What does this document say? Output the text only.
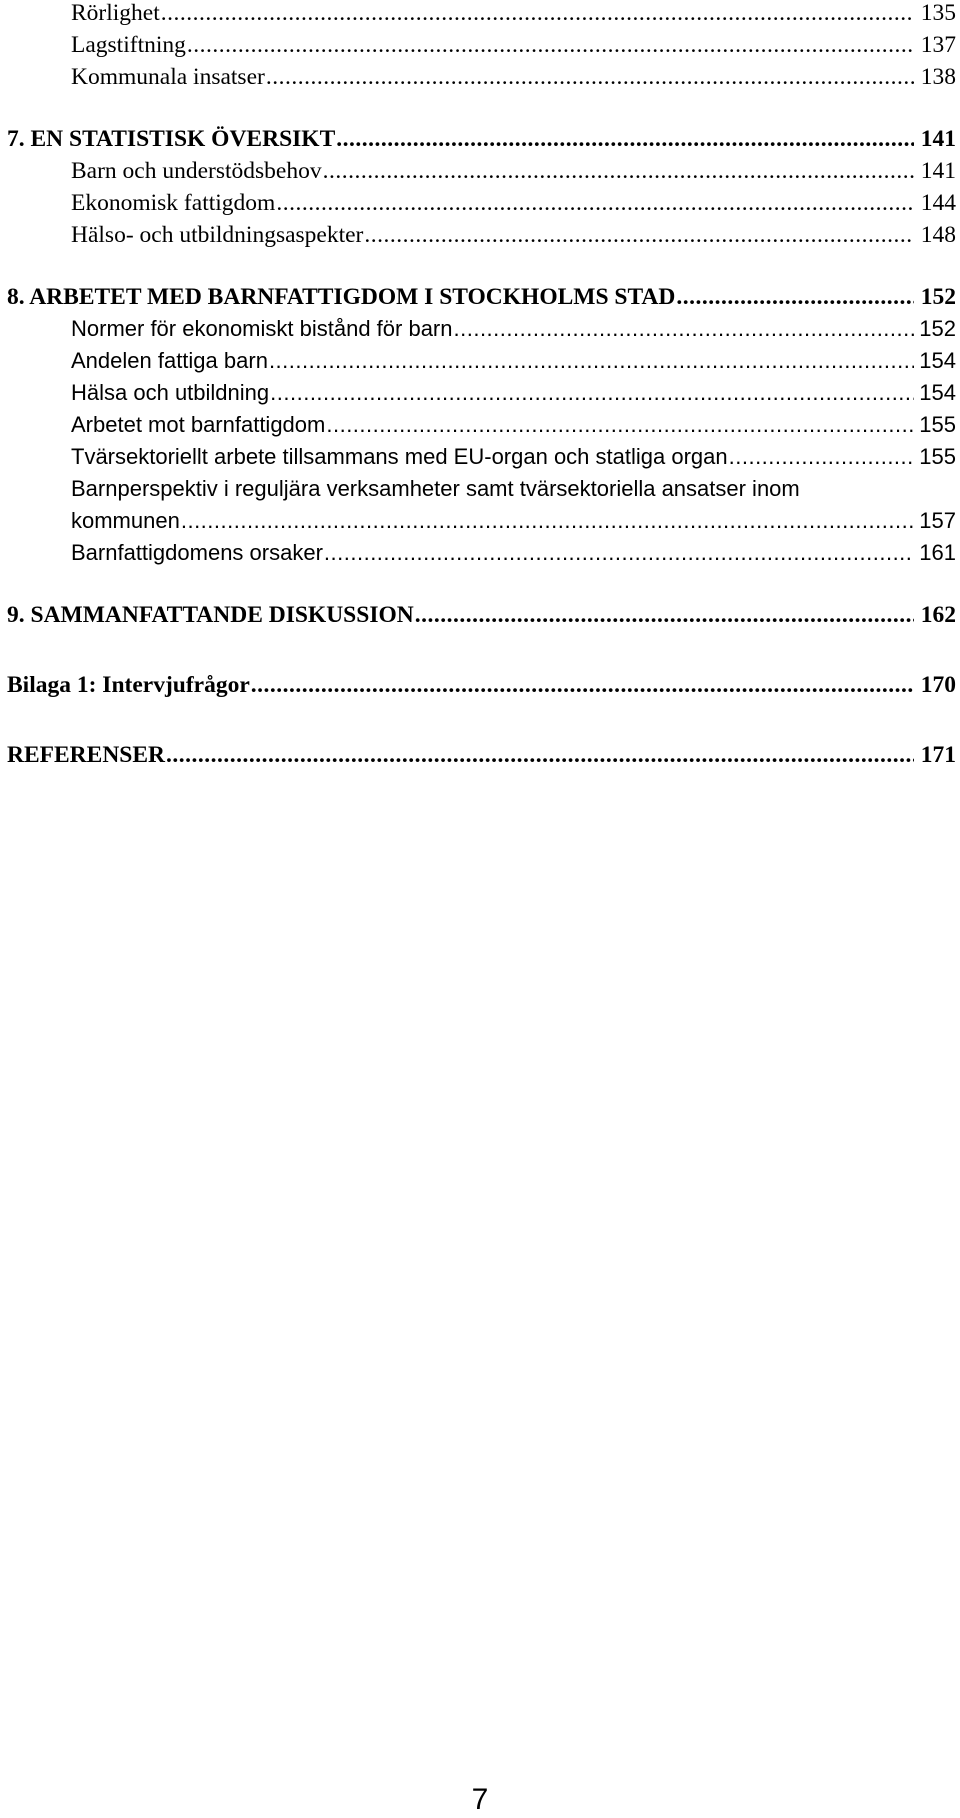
Rörlighet .....	135
Lagstiftning .....	137
Kommunala insatser .....	138
7. EN STATISTISK ÖVERSIKT .....	141
Barn och understödsbehov .....	141
Ekonomisk fattigdom .....	144
Hälso- och utbildningsaspekter .....	148
8. ARBETET MED BARNFATTIGDOM I STOCKHOLMS STAD .....	152
Normer för ekonomiskt bistånd för barn .....	152
Andelen fattiga barn .....	154
Hälsa och utbildning .....	154
Arbetet mot barnfattigdom .....	155
Tvärsektoriellt arbete tillsammans med EU-organ och statliga organ .....	155
Barnperspektiv i reguljära verksamheter samt tvärsektoriella ansatser inom
kommunen .....	157
Barnfattigdomens orsaker .....	161
9. SAMMANFATTANDE DISKUSSION .....	162
Bilaga 1: Intervjufrågor .....	170
REFERENSER .....	171
7
